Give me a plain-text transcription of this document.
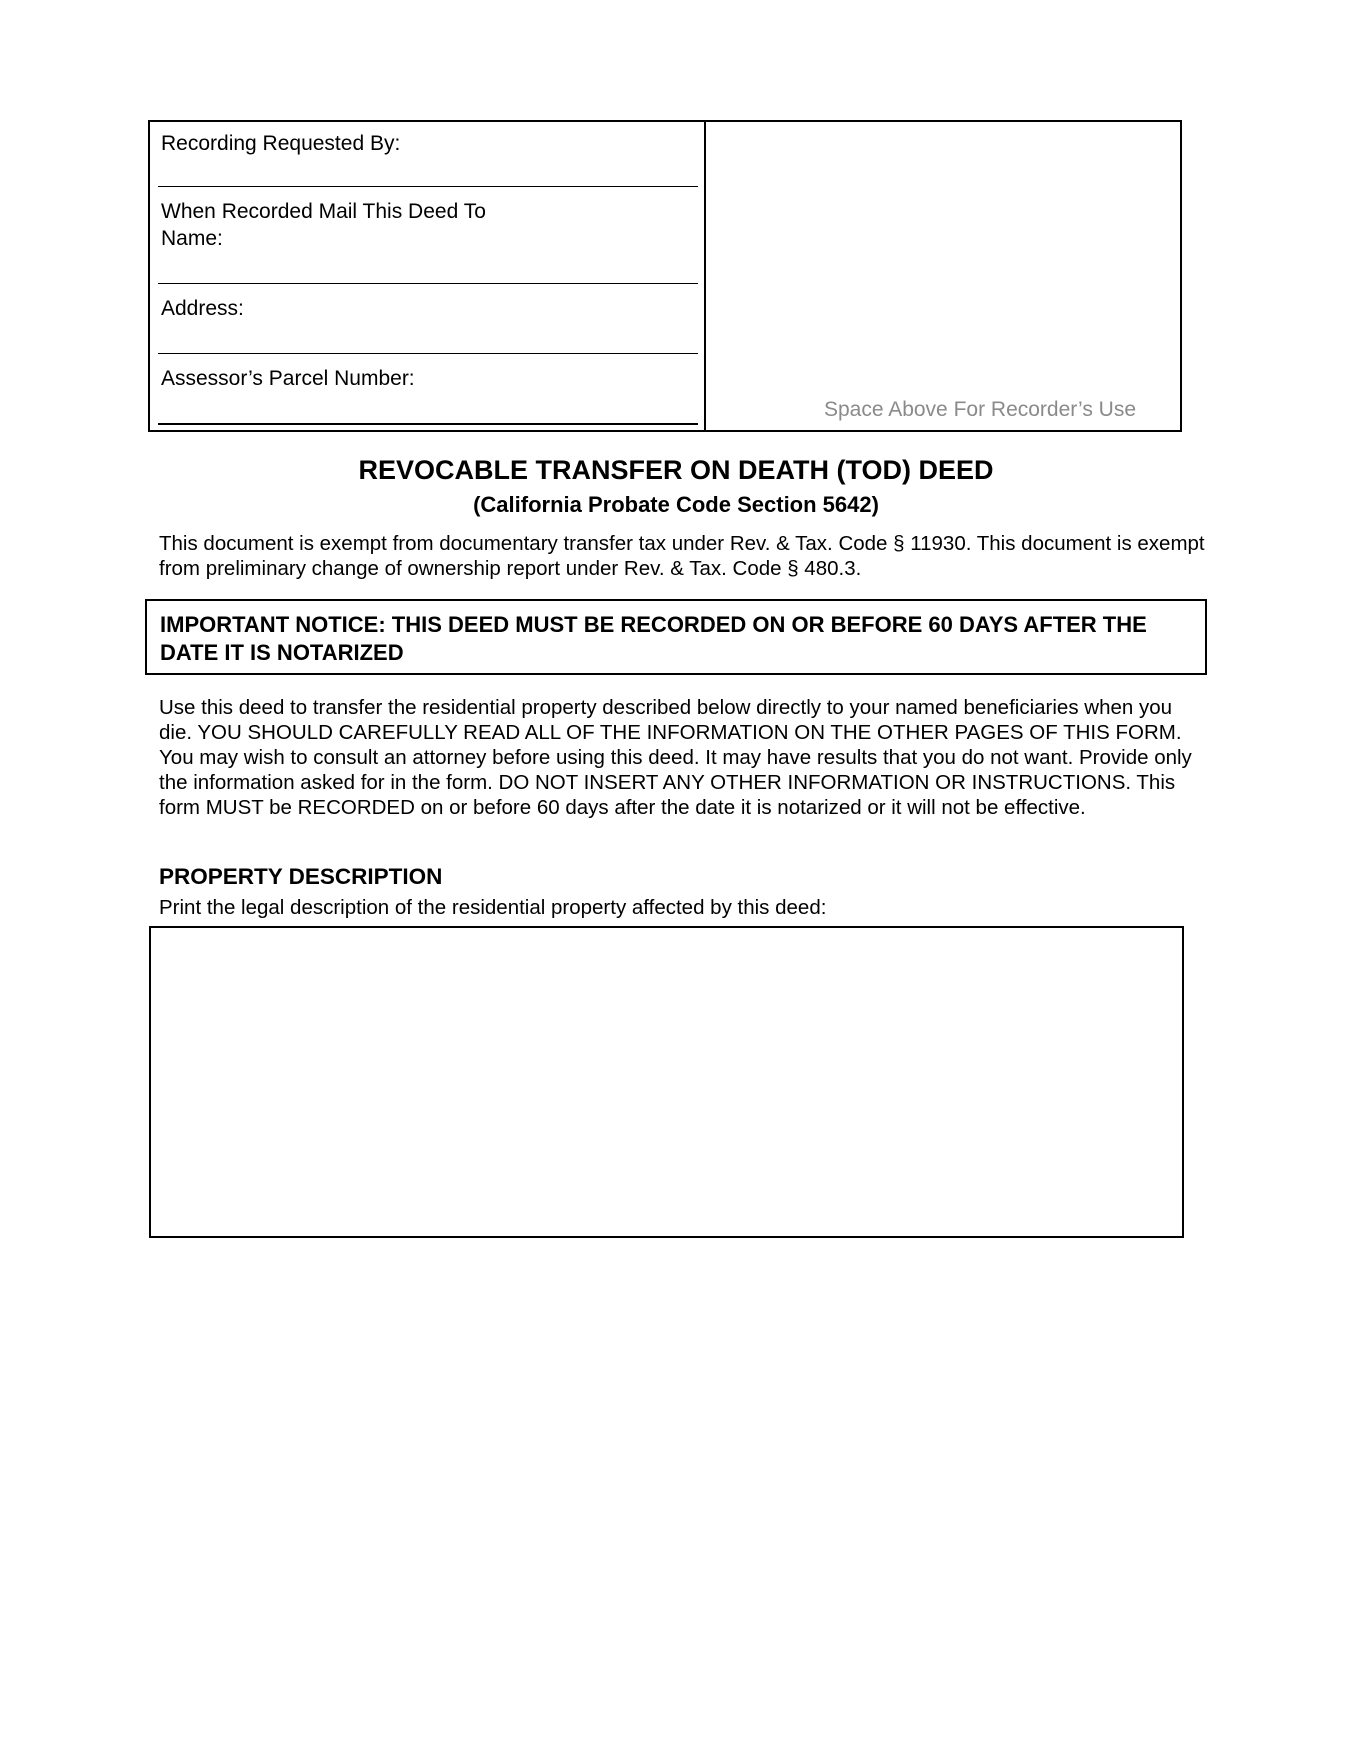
Recording Requested By:
When Recorded Mail This Deed To
Name:
Address:
Assessor’s Parcel Number:
Space Above For Recorder’s Use
REVOCABLE TRANSFER ON DEATH (TOD) DEED
(California Probate Code Section 5642)
This document is exempt from documentary transfer tax under Rev. & Tax. Code § 11930. This document is exempt from preliminary change of ownership report under Rev. & Tax. Code § 480.3.
IMPORTANT NOTICE: THIS DEED MUST BE RECORDED ON OR BEFORE 60 DAYS AFTER THE DATE IT IS NOTARIZED
Use this deed to transfer the residential property described below directly to your named beneficiaries when you die. YOU SHOULD CAREFULLY READ ALL OF THE INFORMATION ON THE OTHER PAGES OF THIS FORM. You may wish to consult an attorney before using this deed. It may have results that you do not want. Provide only the information asked for in the form. DO NOT INSERT ANY OTHER INFORMATION OR INSTRUCTIONS. This form MUST be RECORDED on or before 60 days after the date it is notarized or it will not be effective.
PROPERTY DESCRIPTION
Print the legal description of the residential property affected by this deed:
